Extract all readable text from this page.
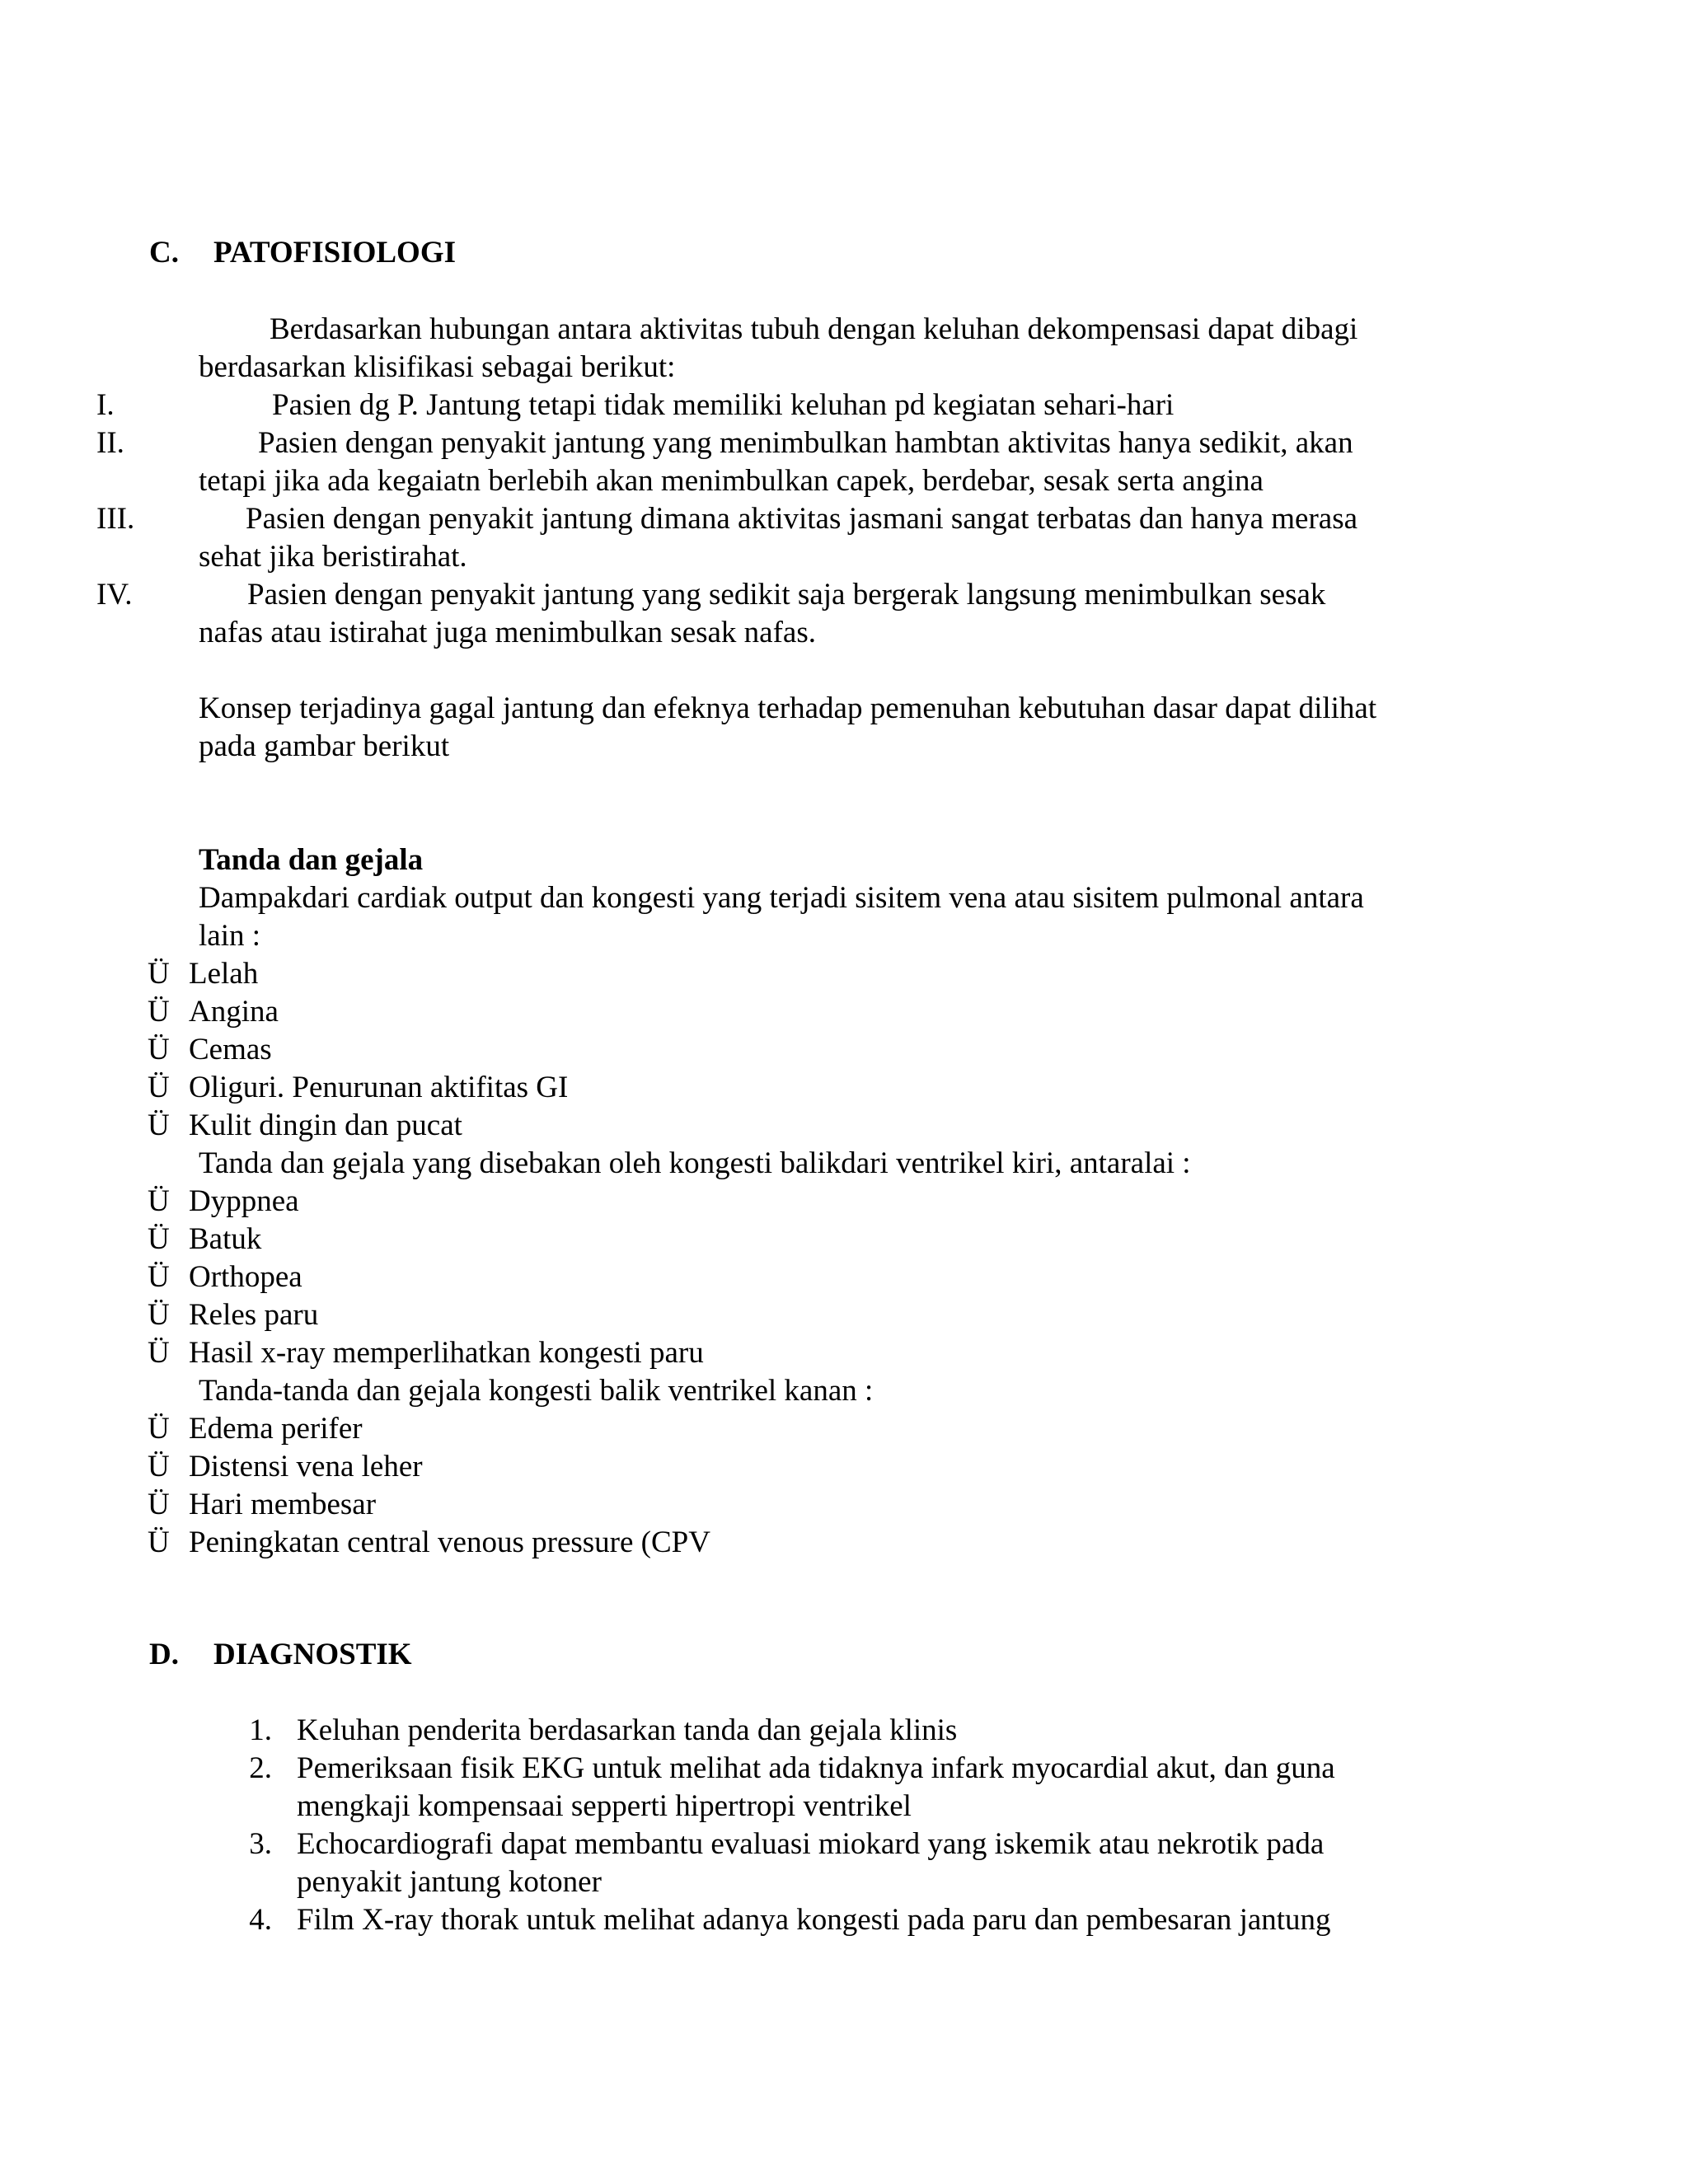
C. PATOFISIOLOGI
Berdasarkan hubungan antara aktivitas tubuh dengan keluhan dekompensasi dapat dibagi
berdasarkan klisifikasi sebagai berikut:
I.	Pasien dg P. Jantung tetapi tidak memiliki keluhan pd kegiatan sehari-hari
II.	Pasien dengan penyakit jantung yang menimbulkan hambtan aktivitas hanya sedikit, akan
tetapi jika ada kegaiatn berlebih akan menimbulkan capek, berdebar, sesak serta angina
III.	Pasien dengan penyakit jantung dimana aktivitas jasmani sangat terbatas dan hanya merasa
sehat jika beristirahat.
IV.	Pasien dengan penyakit jantung yang sedikit saja bergerak langsung menimbulkan sesak
nafas atau istirahat juga menimbulkan sesak nafas.
Konsep terjadinya gagal jantung dan efeknya terhadap pemenuhan kebutuhan dasar dapat dilihat
pada gambar berikut
Tanda dan gejala
Dampakdari cardiak output dan kongesti yang terjadi sisitem vena atau sisitem pulmonal antara
lain :
Ü Lelah
Ü Angina
Ü Cemas
Ü Oliguri. Penurunan aktifitas GI
Ü Kulit dingin dan pucat
Tanda dan gejala yang disebakan oleh kongesti balikdari ventrikel kiri, antaralai :
Ü Dyppnea
Ü Batuk
Ü Orthopea
Ü Reles paru
Ü Hasil x-ray memperlihatkan kongesti paru
Tanda-tanda dan gejala kongesti balik ventrikel kanan :
Ü Edema perifer
Ü Distensi vena leher
Ü Hari membesar
Ü Peningkatan central venous pressure (CPV
D. DIAGNOSTIK
1. Keluhan penderita berdasarkan tanda dan gejala klinis
2. Pemeriksaan fisik EKG untuk melihat ada tidaknya infark myocardial akut, dan guna
mengkaji kompensaai sepperti hipertropi ventrikel
3. Echocardiografi dapat membantu evaluasi miokard yang iskemik atau nekrotik pada
penyakit jantung kotoner
4. Film X-ray thorak untuk melihat adanya kongesti pada paru dan pembesaran jantung
